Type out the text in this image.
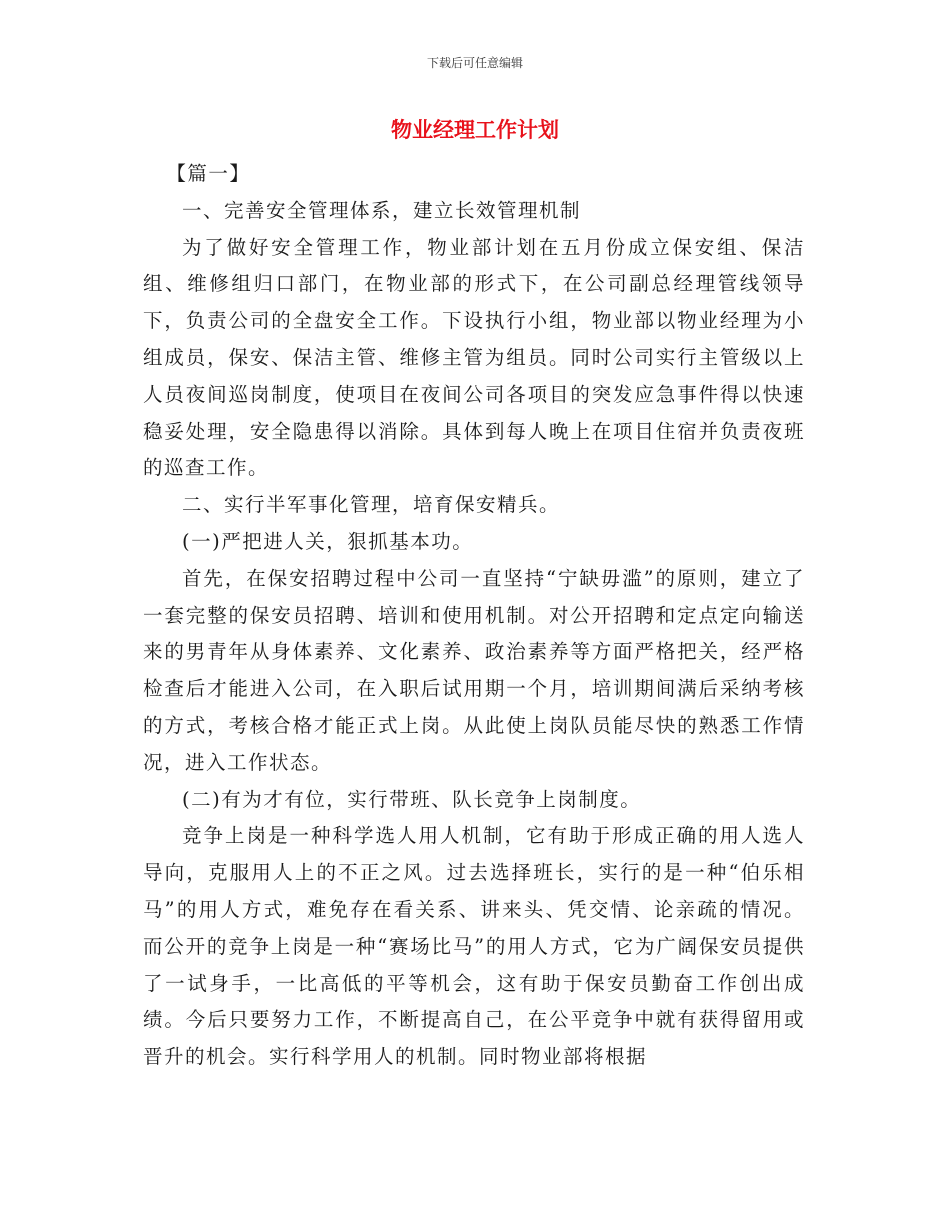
下载后可任意编辑
物业经理工作计划

【篇一】

一、完善安全管理体系，建立长效管理机制

为了做好安全管理工作，物业部计划在五月份成立保安组、保洁组、维修组归口部门，在物业部的形式下，在公司副总经理管线领导下，负责公司的全盘安全工作。下设执行小组，物业部以物业经理为小组成员，保安、保洁主管、维修主管为组员。同时公司实行主管级以上人员夜间巡岗制度，使项目在夜间公司各项目的突发应急事件得以快速稳妥处理，安全隐患得以消除。具体到每人晚上在项目住宿并负责夜班的巡查工作。

二、实行半军事化管理，培育保安精兵。

(一)严把进人关，狠抓基本功。

首先，在保安招聘过程中公司一直坚持“宁缺毋滥”的原则，建立了一套完整的保安员招聘、培训和使用机制。对公开招聘和定点定向输送来的男青年从身体素养、文化素养、政治素养等方面严格把关，经严格检查后才能进入公司，在入职后试用期一个月，培训期间满后采纳考核的方式，考核合格才能正式上岗。从此使上岗队员能尽快的熟悉工作情况，进入工作状态。

(二)有为才有位，实行带班、队长竞争上岗制度。

竞争上岗是一种科学选人用人机制，它有助于形成正确的用人选人导向，克服用人上的不正之风。过去选择班长，实行的是一种“伯乐相马”的用人方式，难免存在看关系、讲来头、凭交情、论亲疏的情况。而公开的竞争上岗是一种“赛场比马”的用人方式，它为广阔保安员提供了一试身手，一比高低的平等机会，这有助于保安员勤奋工作创出成绩。今后只要努力工作，不断提高自己，在公平竞争中就有获得留用或晋升的机会。实行科学用人的机制。同时物业部将根据
